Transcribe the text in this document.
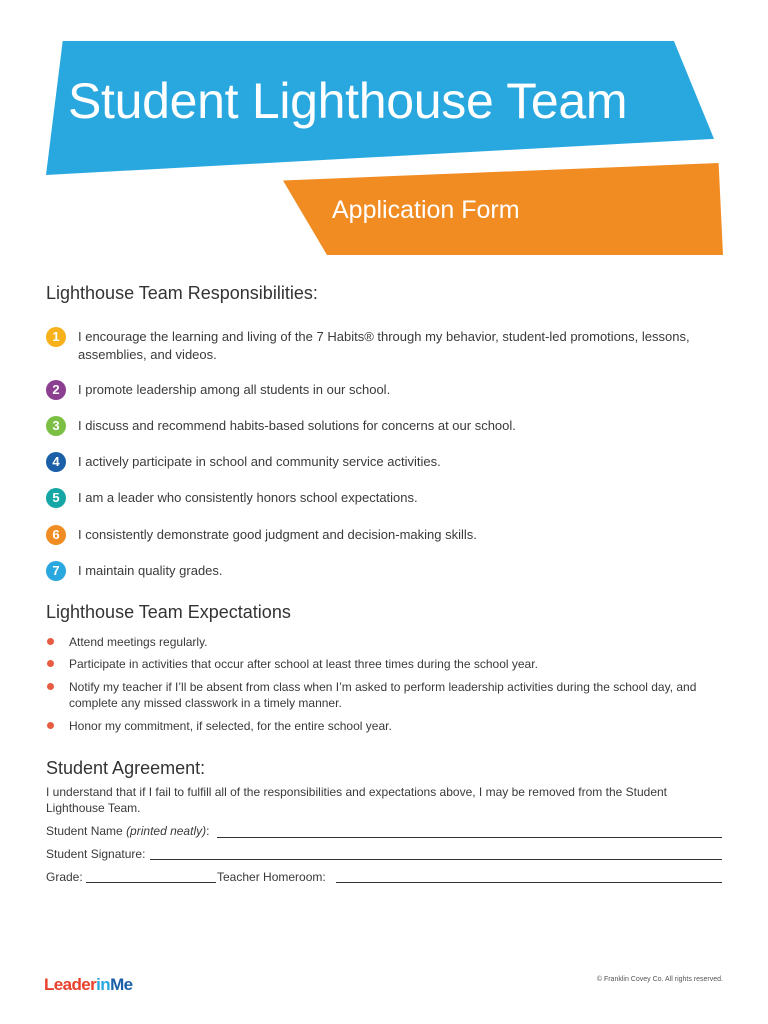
Student Lighthouse Team
Application Form
Lighthouse Team Responsibilities:
1	I encourage the learning and living of the 7 Habits® through my behavior, student-led promotions, lessons, assemblies, and videos.
2	I promote leadership among all students in our school.
3	I discuss and recommend habits-based solutions for concerns at our school.
4	I actively participate in school and community service activities.
5	I am a leader who consistently honors school expectations.
6	I consistently demonstrate good judgment and decision-making skills.
7	I maintain quality grades.
Lighthouse Team Expectations
Attend meetings regularly.
Participate in activities that occur after school at least three times during the school year.
Notify my teacher if I’ll be absent from class when I’m asked to perform leadership activities during the school day, and complete any missed classwork in a timely manner.
Honor my commitment, if selected, for the entire school year.
Student Agreement:
I understand that if I fail to fulfill all of the responsibilities and expectations above, I may be removed from the Student Lighthouse Team.
Student Name (printed neatly):
Student Signature:
Grade:	Teacher Homeroom:
LeaderinMe	© Franklin Covey Co. All rights reserved.
